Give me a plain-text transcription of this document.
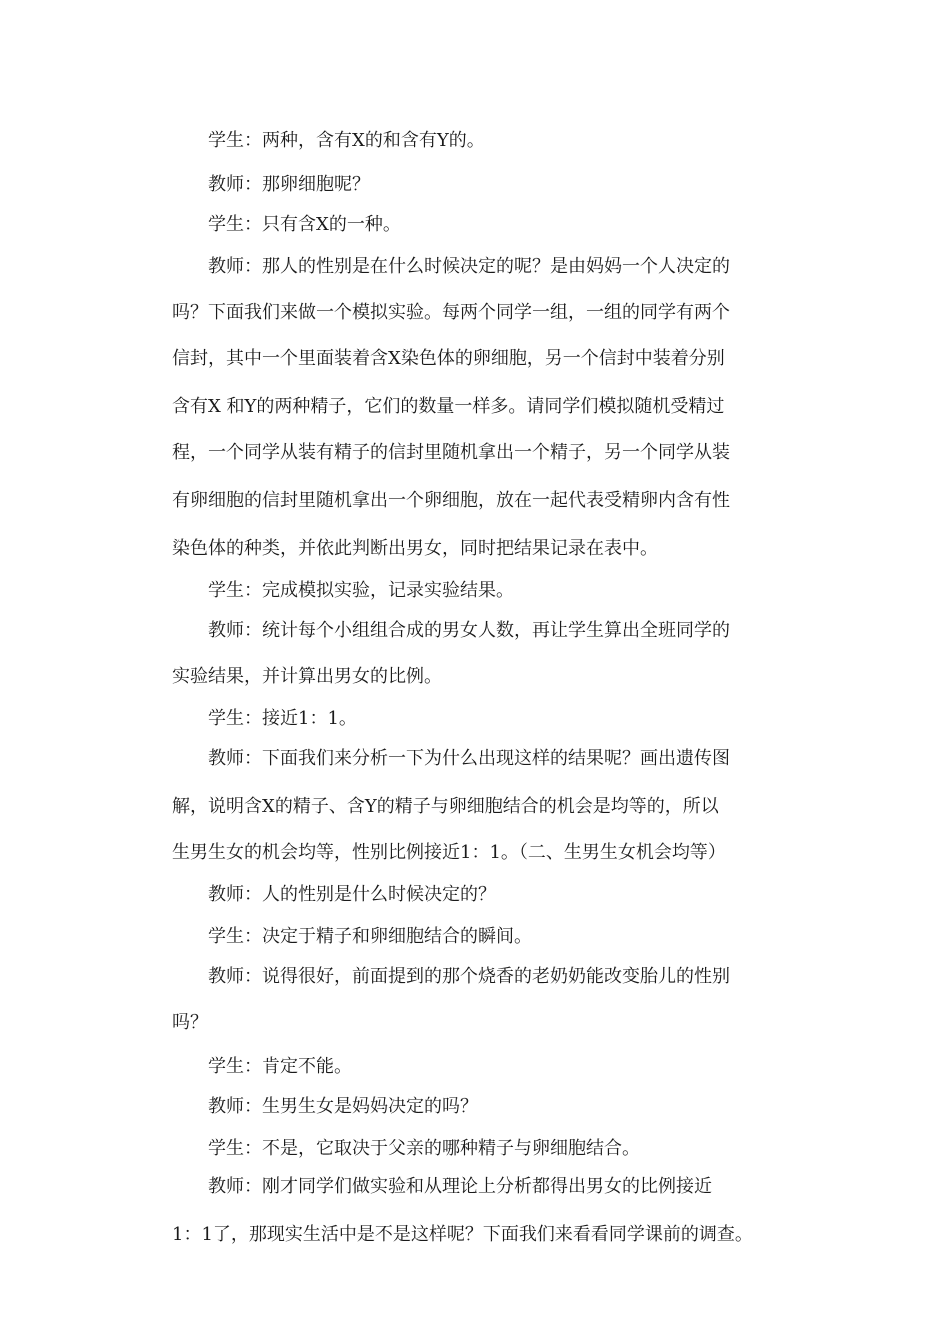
学生：两种，含有X的和含有Y的。
教师：那卵细胞呢？
学生：只有含X的一种。
教师：那人的性别是在什么时候决定的呢？是由妈妈一个人决定的
吗？下面我们来做一个模拟实验。每两个同学一组，一组的同学有两个
信封，其中一个里面装着含X染色体的卵细胞，另一个信封中装着分别
含有X 和Y的两种精子，它们的数量一样多。请同学们模拟随机受精过
程，一个同学从装有精子的信封里随机拿出一个精子，另一个同学从装
有卵细胞的信封里随机拿出一个卵细胞，放在一起代表受精卵内含有性
染色体的种类，并依此判断出男女，同时把结果记录在表中。
学生：完成模拟实验，记录实验结果。
教师：统计每个小组组合成的男女人数，再让学生算出全班同学的
实验结果，并计算出男女的比例。
学生：接近1：1。
教师：下面我们来分析一下为什么出现这样的结果呢？画出遗传图
解，说明含X的精子、含Y的精子与卵细胞结合的机会是均等的，所以
生男生女的机会均等，性别比例接近1：1。（二、生男生女机会均等）
教师：人的性别是什么时候决定的？
学生：决定于精子和卵细胞结合的瞬间。
教师：说得很好，前面提到的那个烧香的老奶奶能改变胎儿的性别
吗？
学生：肯定不能。
教师：生男生女是妈妈决定的吗？
学生：不是，它取决于父亲的哪种精子与卵细胞结合。
教师：刚才同学们做实验和从理论上分析都得出男女的比例接近
1：1了，那现实生活中是不是这样呢？下面我们来看看同学课前的调查。
